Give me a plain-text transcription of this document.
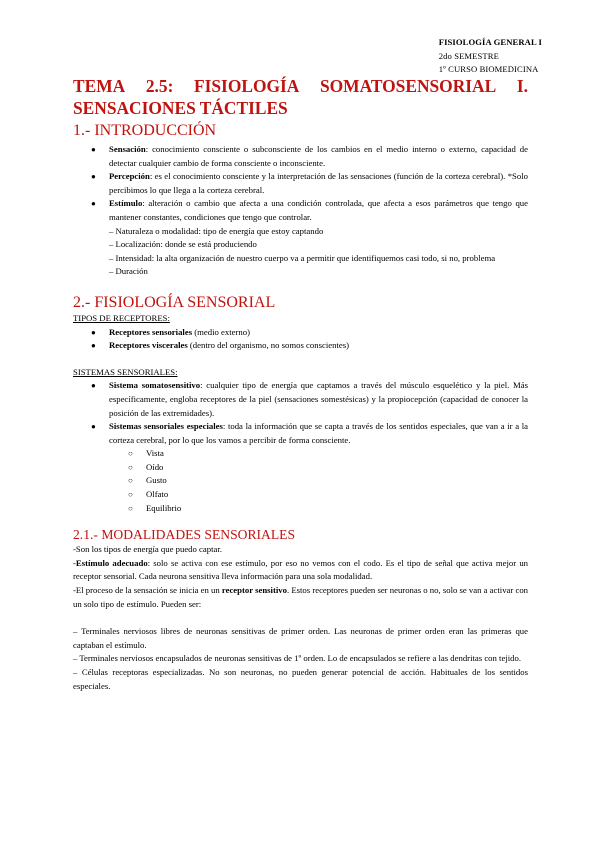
FISIOLOGÍA GENERAL I
2do SEMESTRE
1º CURSO BIOMEDICINA
TEMA 2.5: FISIOLOGÍA SOMATOSENSORIAL I.
SENSACIONES TÁCTILES
1.- INTRODUCCIÓN
● Sensación: conocimiento consciente o subconsciente de los cambios en el medio interno o externo, capacidad de detectar cualquier cambio de forma consciente o inconsciente.
● Percepción: es el conocimiento consciente y la interpretación de las sensaciones (función de la corteza cerebral). *Solo percibimos lo que llega a la corteza cerebral.
● Estímulo: alteración o cambio que afecta a una condición controlada, que afecta a esos parámetros que tengo que mantener constantes, condiciones que tengo que controlar.
– Naturaleza o modalidad: tipo de energía que estoy captando
– Localización: donde se está produciendo
– Intensidad: la alta organización de nuestro cuerpo va a permitir que identifiquemos casi todo, si no, problema
– Duración
2.- FISIOLOGÍA SENSORIAL
TIPOS DE RECEPTORES:
● Receptores sensoriales (medio externo)
● Receptores viscerales (dentro del organismo, no somos conscientes)
SISTEMAS SENSORIALES:
● Sistema somatosensitivo: cualquier tipo de energía que captamos a través del músculo esquelético y la piel. Más específicamente, engloba receptores de la piel (sensaciones somestésicas) y la propiocepción (capacidad de conocer la posición de las extremidades).
● Sistemas sensoriales especiales: toda la información que se capta a través de los sentidos especiales, que van a ir a la corteza cerebral, por lo que los vamos a percibir de forma consciente.
○ Vista
○ Oído
○ Gusto
○ Olfato
○ Equilibrio
2.1.- MODALIDADES SENSORIALES
-Son los tipos de energía que puedo captar.
-Estímulo adecuado: solo se activa con ese estímulo, por eso no vemos con el codo. Es el tipo de señal que activa mejor un receptor sensorial. Cada neurona sensitiva lleva información para una sola modalidad.
-El proceso de la sensación se inicia en un receptor sensitivo. Estos receptores pueden ser neuronas o no, solo se van a activar con un solo tipo de estímulo. Pueden ser:
– Terminales nerviosos libres de neuronas sensitivas de primer orden. Las neuronas de primer orden eran las primeras que captaban el estímulo.
– Terminales nerviosos encapsulados de neuronas sensitivas de 1º orden. Lo de encapsulados se refiere a las dendritas con tejido.
– Células receptoras especializadas. No son neuronas, no pueden generar potencial de acción. Habituales de los sentidos especiales.
